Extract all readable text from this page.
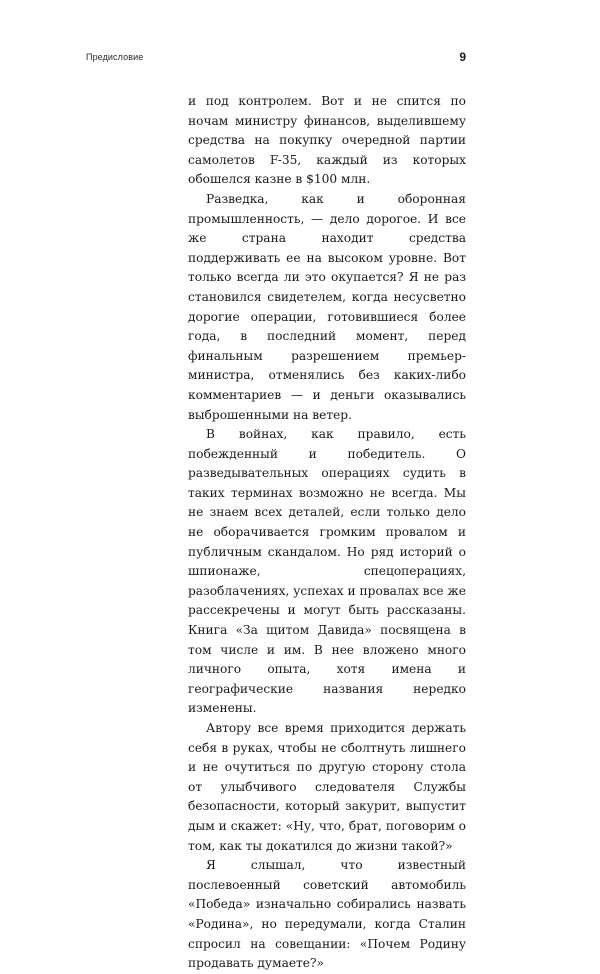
Предисловие	9

и под контролем. Вот и не спится по ночам министру финансов, выделившему средства на покупку очередной партии самолетов F-35, каждый из которых обошелся казне в $100 млн.

Разведка, как и оборонная промышленность, — дело дорогое. И все же страна находит средства поддерживать ее на высоком уровне. Вот только всегда ли это окупается? Я не раз становился свидетелем, когда несусветно дорогие операции, готовившиеся более года, в последний момент, перед финальным разрешением премьер-министра, отменялись без каких-либо комментариев — и деньги оказывались выброшенными на ветер.

В войнах, как правило, есть побежденный и победитель. О разведывательных операциях судить в таких терминах возможно не всегда. Мы не знаем всех деталей, если только дело не оборачивается громким провалом и публичным скандалом. Но ряд историй о шпионаже, спецоперациях, разоблачениях, успехах и провалах все же рассекречены и могут быть рассказаны. Книга «За щитом Давида» посвящена в том числе и им. В нее вложено много личного опыта, хотя имена и географические названия нередко изменены.

Автору все время приходится держать себя в руках, чтобы не сболтнуть лишнего и не очутиться по другую сторону стола от улыбчивого следователя Службы безопасности, который закурит, выпустит дым и скажет: «Ну, что, брат, поговорим о том, как ты докатился до жизни такой?»

Я слышал, что известный послевоенный советский автомобиль «Победа» изначально собирались назвать «Родина», но передумали, когда Сталин спросил на совещании: «Почем Родину продавать думаете?»
